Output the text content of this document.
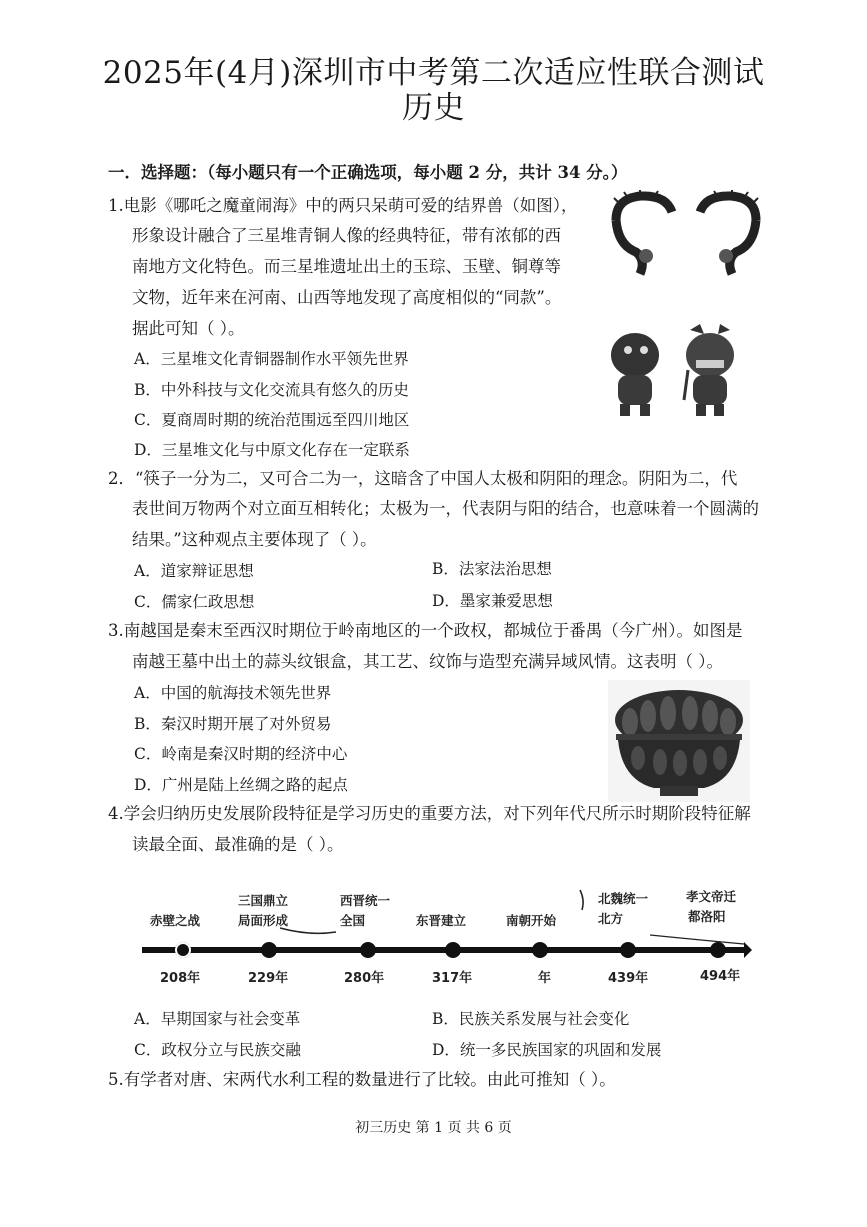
2025年(4月)深圳市中考第二次适应性联合测试
历史
一．选择题：（每小题只有一个正确选项，每小题 2 分，共计 34 分。）
1.电影《哪吒之魔童闹海》中的两只呆萌可爱的结界兽（如图），
形象设计融合了三星堆青铜人像的经典特征，带有浓郁的西
南地方文化特色。而三星堆遗址出土的玉琮、玉壁、铜尊等
文物，近年来在河南、山西等地发现了高度相似的“同款”。
据此可知（ ）。
A．三星堆文化青铜器制作水平领先世界
B．中外科技与文化交流具有悠久的历史
C．夏商周时期的统治范围远至四川地区
D．三星堆文化与中原文化存在一定联系
2．“筷子一分为二，又可合二为一，这暗含了中国人太极和阴阳的理念。阴阳为二，代
表世间万物两个对立面互相转化；太极为一，代表阴与阳的结合，也意味着一个圆满的
结果。”这种观点主要体现了（ ）。
A．道家辩证思想	B．法家法治思想
C．儒家仁政思想	D．墨家兼爱思想
3.南越国是秦末至西汉时期位于岭南地区的一个政权，都城位于番禺（今广州）。如图是
南越王墓中出土的蒜头纹银盒，其工艺、纹饰与造型充满异域风情。这表明（ ）。
A．中国的航海技术领先世界
B．秦汉时期开展了对外贸易
C．岭南是秦汉时期的经济中心
D．广州是陆上丝绸之路的起点
4.学会归纳历史发展阶段特征是学习历史的重要方法，对下列年代尺所示时期阶段特征解
读最全面、最准确的是（ ）。
赤壁之战
三国鼎立
局面形成
西晋统一
全国	东晋建立	南朝开始
北魏统一
北方
孝文帝迁
都洛阳
208年	229年	280年	317年	年	439年	494年
A．早期国家与社会变革	B．民族关系发展与社会变化
C．政权分立与民族交融	D．统一多民族国家的巩固和发展
5.有学者对唐、宋两代水利工程的数量进行了比较。由此可推知（ ）。
初三历史 第 1 页 共 6 页
